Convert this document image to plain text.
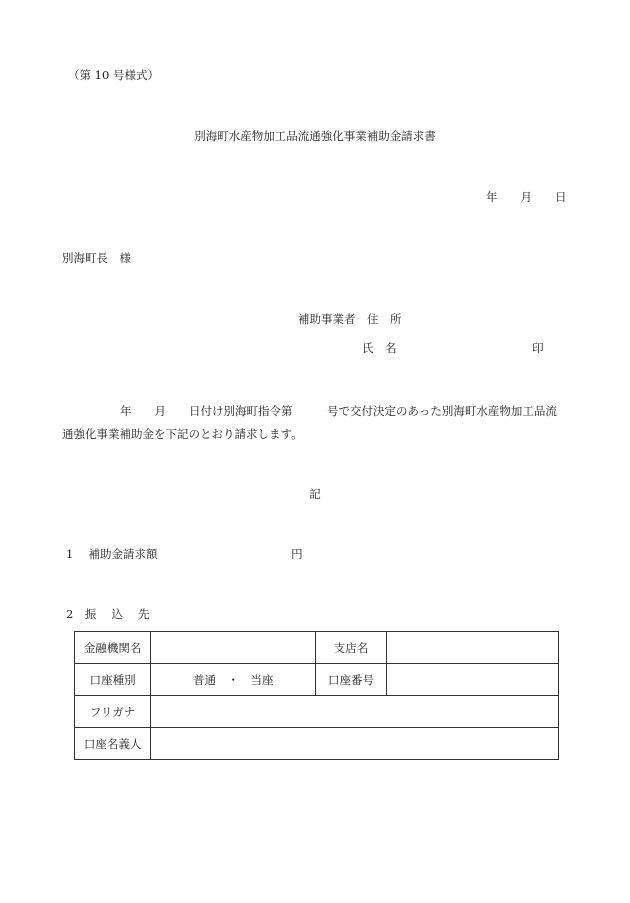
（第 10 号様式）
別海町水産物加工品流通強化事業補助金請求書
年　　月　　日
別海町長　様
補助事業者　住　所
氏　名	印
年　　月　　日付け別海町指令第　　　号で交付決定のあった別海町水産物加工品流
通強化事業補助金を下記のとおり請求します。
記
1　 補助金請求額	円
2　振　 込　 先
金融機関名		支店名	
口座種別	普通　・　当座	口座番号	
フリガナ			
口座名義人			
